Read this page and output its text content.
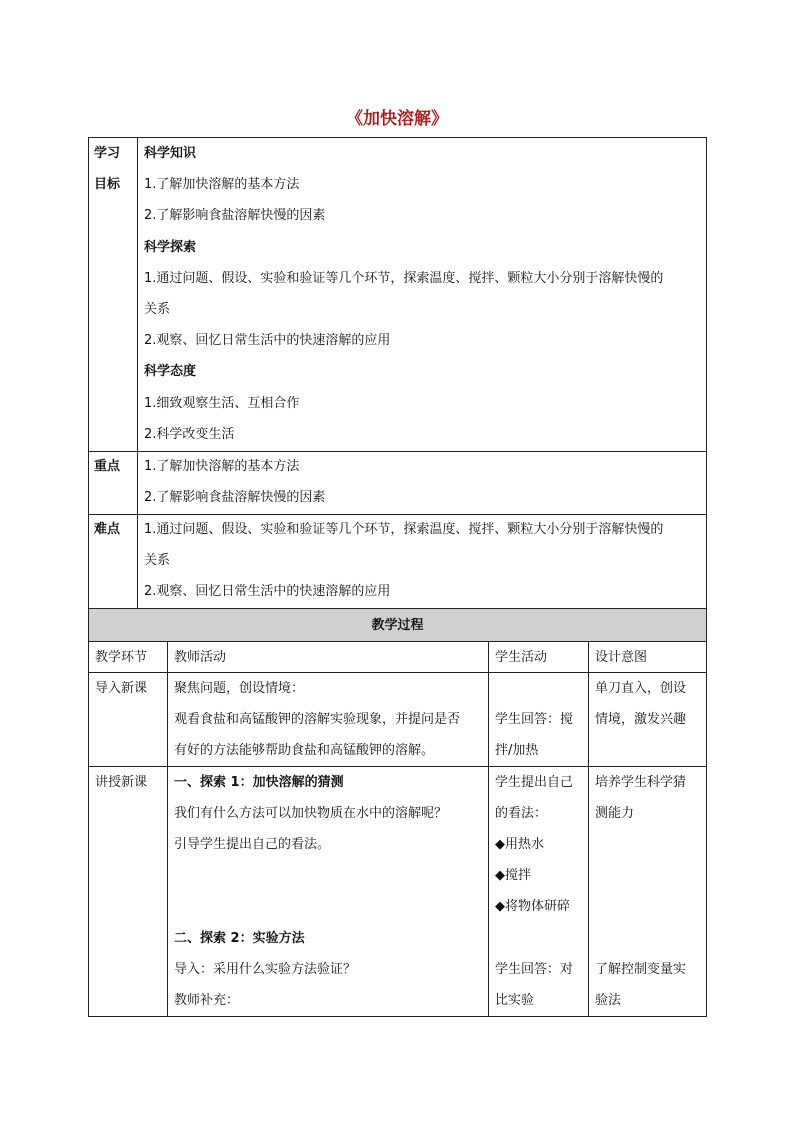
《加快溶解》
学习
目标
科学知识
1.了解加快溶解的基本方法
2.了解影响食盐溶解快慢的因素
科学探索
1.通过问题、假设、实验和验证等几个环节，探索温度、搅拌、颗粒大小分别于溶解快慢的
关系
2.观察、回忆日常生活中的快速溶解的应用
科学态度
1.细致观察生活、互相合作
2.科学改变生活
重点 1.了解加快溶解的基本方法
2.了解影响食盐溶解快慢的因素
难点 1.通过问题、假设、实验和验证等几个环节，探索温度、搅拌、颗粒大小分别于溶解快慢的
关系
2.观察、回忆日常生活中的快速溶解的应用
教学过程
教学环节 教师活动	学生活动	设计意图
导入新课 聚焦问题，创设情境：
观看食盐和高锰酸钾的溶解实验现象，并提问是否
有好的方法能够帮助食盐和高锰酸钾的溶解。
学生回答：搅
拌/加热
单刀直入，创设
情境，激发兴趣
讲授新课 一、探索 1：加快溶解的猜测
我们有什么方法可以加快物质在水中的溶解呢？
引导学生提出自己的看法。
二、探索 2：实验方法
导入：采用什么实验方法验证？
教师补充：
学生提出自己
的看法：
◆用热水
◆搅拌
◆将物体研碎
学生回答：对
比实验
培养学生科学猜
测能力
了解控制变量实
验法
